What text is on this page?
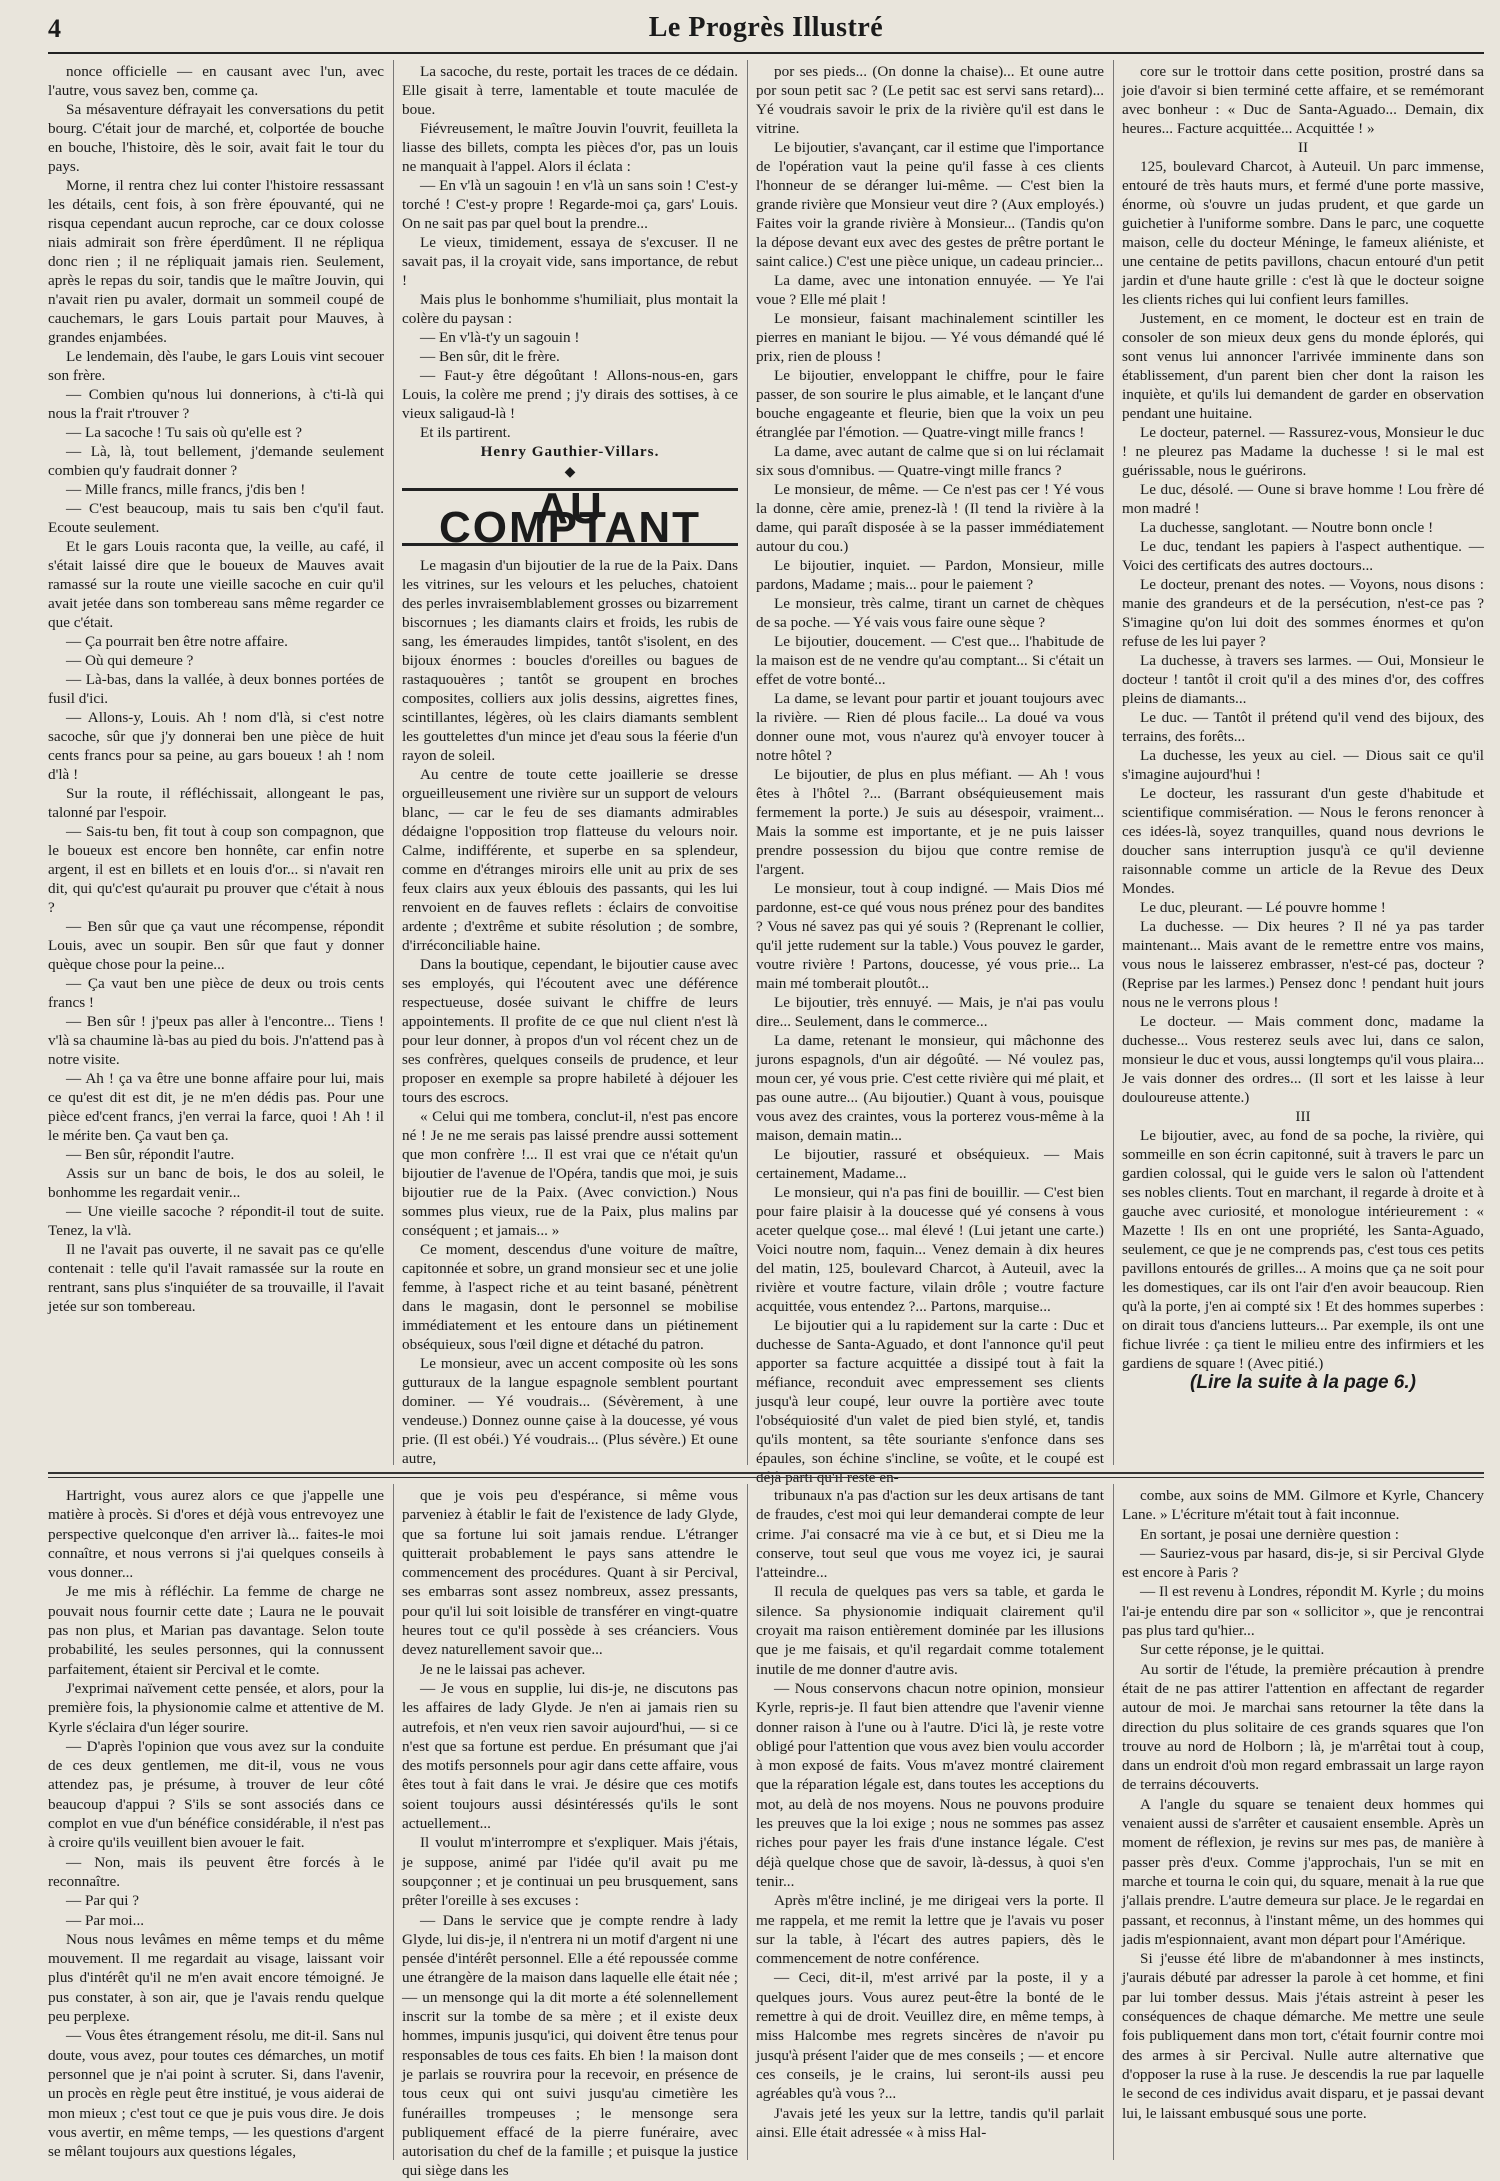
4	Le Progrès Illustré

nonce officielle — en causant avec l'un, avec l'autre, vous savez ben, comme ça.

Sa mésaventure défrayait les conversations du petit bourg. C'était jour de marché, et, colportée de bouche en bouche, l'histoire, dès le soir, avait fait le tour du pays.

Morne, il rentra chez lui conter l'histoire ressassant les détails, cent fois, à son frère épouvanté, qui ne risqua cependant aucun reproche, car ce doux colosse niais admirait son frère éperdûment. Il ne répliqua donc rien ; il ne répliquait jamais rien. Seulement, après le repas du soir, tandis que le maître Jouvin, qui n'avait rien pu avaler, dormait un sommeil coupé de cauchemars, le gars Louis partait pour Mauves, à grandes enjambées.

Le lendemain, dès l'aube, le gars Louis vint secouer son frère.

— Combien qu'nous lui donnerions, à c'ti-là qui nous la f'rait r'trouver ?

— La sacoche ! Tu sais où qu'elle est ?

— Là, là, tout bellement, j'demande seulement combien qu'y faudrait donner ?

— Mille francs, mille francs, j'dis ben !

— C'est beaucoup, mais tu sais ben c'qu'il faut. Ecoute seulement.

Et le gars Louis raconta que, la veille, au café, il s'était laissé dire que le boueux de Mauves avait ramassé sur la route une vieille sacoche en cuir qu'il avait jetée dans son tombereau sans même regarder ce que c'était.

— Ça pourrait ben être notre affaire.

— Où qui demeure ?

— Là-bas, dans la vallée, à deux bonnes portées de fusil d'ici.

— Allons-y, Louis. Ah ! nom d'là, si c'est notre sacoche, sûr que j'y donnerai ben une pièce de huit cents francs pour sa peine, au gars boueux ! ah ! nom d'là !

Sur la route, il réfléchissait, allongeant le pas, talonné par l'espoir.

— Sais-tu ben, fit tout à coup son compagnon, que le boueux est encore ben honnête, car enfin notre argent, il est en billets et en louis d'or... si n'avait ren dit, qui qu'c'est qu'aurait pu prouver que c'était à nous ?

— Ben sûr que ça vaut une récompense, répondit Louis, avec un soupir. Ben sûr que faut y donner quèque chose pour la peine...

— Ça vaut ben une pièce de deux ou trois cents francs !

— Ben sûr ! j'peux pas aller à l'encontre... Tiens ! v'là sa chaumine là-bas au pied du bois. J'n'attend pas à notre visite.

— Ah ! ça va être une bonne affaire pour lui, mais ce qu'est dit est dit, je ne m'en dédis pas. Pour une pièce ed'cent francs, j'en verrai la farce, quoi ! Ah ! il le mérite ben. Ça vaut ben ça.

— Ben sûr, répondit l'autre.

Assis sur un banc de bois, le dos au soleil, le bonhomme les regardait venir...

— Une vieille sacoche ? répondit-il tout de suite. Tenez, la v'là.

Il ne l'avait pas ouverte, il ne savait pas ce qu'elle contenait : telle qu'il l'avait ramassée sur la route en rentrant, sans plus s'inquiéter de sa trouvaille, il l'avait jetée sur son tombereau.

La sacoche, du reste, portait les traces de ce dédain. Elle gisait à terre, lamentable et toute maculée de boue.

Fiévreusement, le maître Jouvin l'ouvrit, feuilleta la liasse des billets, compta les pièces d'or, pas un louis ne manquait à l'appel. Alors il éclata :

— En v'là un sagouin ! en v'là un sans soin ! C'est-y torché ! C'est-y propre ! Regarde-moi ça, gars' Louis. On ne sait pas par quel bout la prendre...

Le vieux, timidement, essaya de s'excuser. Il ne savait pas, il la croyait vide, sans importance, de rebut !

Mais plus le bonhomme s'humiliait, plus montait la colère du paysan :

— En v'là-t'y un sagouin !

— Ben sûr, dit le frère.

— Faut-y être dégoûtant ! Allons-nous-en, gars Louis, la colère me prend ; j'y dirais des sottises, à ce vieux saligaud-là !

Et ils partirent.

Henry Gauthier-Villars.

◆
AU COMPTANT

Le magasin d'un bijoutier de la rue de la Paix. Dans les vitrines, sur les velours et les peluches, chatoient des perles invraisemblablement grosses ou bizarrement biscornues ; les diamants clairs et froids, les rubis de sang, les émeraudes limpides, tantôt s'isolent, en des bijoux énormes : boucles d'oreilles ou bagues de rastaquouères ; tantôt se groupent en broches composites, colliers aux jolis dessins, aigrettes fines, scintillantes, légères, où les clairs diamants semblent les gouttelettes d'un mince jet d'eau sous la féerie d'un rayon de soleil.

Au centre de toute cette joaillerie se dresse orgueilleusement une rivière sur un support de velours blanc, — car le feu de ses diamants admirables dédaigne l'opposition trop flatteuse du velours noir. Calme, indifférente, et superbe en sa splendeur, comme en d'étranges miroirs elle unit au prix de ses feux clairs aux yeux éblouis des passants, qui les lui renvoient en de fauves reflets : éclairs de convoitise ardente ; d'extrême et subite résolution ; de sombre, d'irréconciliable haine.

Dans la boutique, cependant, le bijoutier cause avec ses employés, qui l'écoutent avec une déférence respectueuse, dosée suivant le chiffre de leurs appointements. Il profite de ce que nul client n'est là pour leur donner, à propos d'un vol récent chez un de ses confrères, quelques conseils de prudence, et leur proposer en exemple sa propre habileté à déjouer les tours des escrocs.

« Celui qui me tombera, conclut-il, n'est pas encore né ! Je ne me serais pas laissé prendre aussi sottement que mon confrère !... Il est vrai que ce n'était qu'un bijoutier de l'avenue de l'Opéra, tandis que moi, je suis bijoutier rue de la Paix. (Avec conviction.) Nous sommes plus vieux, rue de la Paix, plus malins par conséquent ; et jamais... »

Ce moment, descendus d'une voiture de maître, capitonnée et sobre, un grand monsieur sec et une jolie femme, à l'aspect riche et au teint basané, pénètrent dans le magasin, dont le personnel se mobilise immédiatement et les entoure dans un piétinement obséquieux, sous l'œil digne et détaché du patron.

Le monsieur, avec un accent composite où les sons gutturaux de la langue espagnole semblent pourtant dominer. — Yé voudrais... (Sévèrement, à une vendeuse.) Donnez ounne çaise à la doucesse, yé vous prie. (Il est obéi.) Yé voudrais... (Plus sévère.) Et oune autre,

por ses pieds... (On donne la chaise)... Et oune autre por soun petit sac ? (Le petit sac est servi sans retard)... Yé voudrais savoir le prix de la rivière qu'il est dans le vitrine.

Le bijoutier, s'avançant, car il estime que l'importance de l'opération vaut la peine qu'il fasse à ces clients l'honneur de se déranger lui-même. — C'est bien la grande rivière que Monsieur veut dire ? (Aux employés.) Faites voir la grande rivière à Monsieur... (Tandis qu'on la dépose devant eux avec des gestes de prêtre portant le saint calice.) C'est une pièce unique, un cadeau princier...

La dame, avec une intonation ennuyée. — Ye l'ai voue ? Elle mé plait !

Le monsieur, faisant machinalement scintiller les pierres en maniant le bijou. — Yé vous démandé qué lé prix, rien de plouss !

Le bijoutier, enveloppant le chiffre, pour le faire passer, de son sourire le plus aimable, et le lançant d'une bouche engageante et fleurie, bien que la voix un peu étranglée par l'émotion. — Quatre-vingt mille francs !

La dame, avec autant de calme que si on lui réclamait six sous d'omnibus. — Quatre-vingt mille francs ?

Le monsieur, de même. — Ce n'est pas cer ! Yé vous la donne, cère amie, prenez-là ! (Il tend la rivière à la dame, qui paraît disposée à se la passer immédiatement autour du cou.)

Le bijoutier, inquiet. — Pardon, Monsieur, mille pardons, Madame ; mais... pour le paiement ?

Le monsieur, très calme, tirant un carnet de chèques de sa poche. — Yé vais vous faire oune sèque ?

Le bijoutier, doucement. — C'est que... l'habitude de la maison est de ne vendre qu'au comptant... Si c'était un effet de votre bonté...

La dame, se levant pour partir et jouant toujours avec la rivière. — Rien dé plous facile... La doué va vous donner oune mot, vous n'aurez qu'à envoyer toucer à notre hôtel ?

Le bijoutier, de plus en plus méfiant. — Ah ! vous êtes à l'hôtel ?... (Barrant obséquieusement mais fermement la porte.) Je suis au désespoir, vraiment... Mais la somme est importante, et je ne puis laisser prendre possession du bijou que contre remise de l'argent.

Le monsieur, tout à coup indigné. — Mais Dios mé pardonne, est-ce qué vous nous prénez pour des bandites ? Vous né savez pas qui yé souis ? (Reprenant le collier, qu'il jette rudement sur la table.) Vous pouvez le garder, voutre rivière ! Partons, doucesse, yé vous prie... La main mé tomberait ploutôt...

Le bijoutier, très ennuyé. — Mais, je n'ai pas voulu dire... Seulement, dans le commerce...

La dame, retenant le monsieur, qui mâchonne des jurons espagnols, d'un air dégoûté. — Né voulez pas, moun cer, yé vous prie. C'est cette rivière qui mé plait, et pas oune autre... (Au bijoutier.) Quant à vous, pouisque vous avez des craintes, vous la porterez vous-même à la maison, demain matin...

Le bijoutier, rassuré et obséquieux. — Mais certainement, Madame...

Le monsieur, qui n'a pas fini de bouillir. — C'est bien pour faire plaisir à la doucesse qué yé consens à vous aceter quelque çose... mal élevé ! (Lui jetant une carte.) Voici noutre nom, faquin... Venez demain à dix heures del matin, 125, boulevard Charcot, à Auteuil, avec la rivière et voutre facture, vilain drôle ; voutre facture acquittée, vous entendez ?... Partons, marquise...

Le bijoutier qui a lu rapidement sur la carte : Duc et duchesse de Santa-Aguado, et dont l'annonce qu'il peut apporter sa facture acquittée a dissipé tout à fait la méfiance, reconduit avec empressement ses clients jusqu'à leur coupé, leur ouvre la portière avec toute l'obséquiosité d'un valet de pied bien stylé, et, tandis qu'ils montent, sa tête souriante s'enfonce dans ses épaules, son échine s'incline, se voûte, et le coupé est déjà parti qu'il reste en-

core sur le trottoir dans cette position, prostré dans sa joie d'avoir si bien terminé cette affaire, et se remémorant avec bonheur : « Duc de Santa-Aguado... Demain, dix heures... Facture acquittée... Acquittée ! »

II

125, boulevard Charcot, à Auteuil. Un parc immense, entouré de très hauts murs, et fermé d'une porte massive, énorme, où s'ouvre un judas prudent, et que garde un guichetier à l'uniforme sombre. Dans le parc, une coquette maison, celle du docteur Méninge, le fameux aliéniste, et une centaine de petits pavillons, chacun entouré d'un petit jardin et d'une haute grille : c'est là que le docteur soigne les clients riches qui lui confient leurs familles.

Justement, en ce moment, le docteur est en train de consoler de son mieux deux gens du monde éplorés, qui sont venus lui annoncer l'arrivée imminente dans son établissement, d'un parent bien cher dont la raison les inquiète, et qu'ils lui demandent de garder en observation pendant une huitaine.

Le docteur, paternel. — Rassurez-vous, Monsieur le duc ! ne pleurez pas Madame la duchesse ! si le mal est guérissable, nous le guérirons.

Le duc, désolé. — Oune si brave homme ! Lou frère dé mon madré !

La duchesse, sanglotant. — Noutre bonn oncle !

Le duc, tendant les papiers à l'aspect authentique. — Voici des certificats des autres doctours...

Le docteur, prenant des notes. — Voyons, nous disons : manie des grandeurs et de la persécution, n'est-ce pas ? S'imagine qu'on lui doit des sommes énormes et qu'on refuse de les lui payer ?

La duchesse, à travers ses larmes. — Oui, Monsieur le docteur ! tantôt il croit qu'il a des mines d'or, des coffres pleins de diamants...

Le duc. — Tantôt il prétend qu'il vend des bijoux, des terrains, des forêts...

La duchesse, les yeux au ciel. — Dious sait ce qu'il s'imagine aujourd'hui !

Le docteur, les rassurant d'un geste d'habitude et scientifique commisération. — Nous le ferons renoncer à ces idées-là, soyez tranquilles, quand nous devrions le doucher sans interruption jusqu'à ce qu'il devienne raisonnable comme un article de la Revue des Deux Mondes.

Le duc, pleurant. — Lé pouvre homme !

La duchesse. — Dix heures ? Il né ya pas tarder maintenant... Mais avant de le remettre entre vos mains, vous nous le laisserez embrasser, n'est-cé pas, docteur ? (Reprise par les larmes.) Pensez donc ! pendant huit jours nous ne le verrons plous !

Le docteur. — Mais comment donc, madame la duchesse... Vous resterez seuls avec lui, dans ce salon, monsieur le duc et vous, aussi longtemps qu'il vous plaira... Je vais donner des ordres... (Il sort et les laisse à leur douloureuse attente.)

III

Le bijoutier, avec, au fond de sa poche, la rivière, qui sommeille en son écrin capitonné, suit à travers le parc un gardien colossal, qui le guide vers le salon où l'attendent ses nobles clients. Tout en marchant, il regarde à droite et à gauche avec curiosité, et monologue intérieurement : « Mazette ! Ils en ont une propriété, les Santa-Aguado, seulement, ce que je ne comprends pas, c'est tous ces petits pavillons entourés de grilles... A moins que ça ne soit pour les domestiques, car ils ont l'air d'en avoir beaucoup. Rien qu'à la porte, j'en ai compté six ! Et des hommes superbes : on dirait tous d'anciens lutteurs... Par exemple, ils ont une fichue livrée : ça tient le milieu entre des infirmiers et les gardiens de square ! (Avec pitié.)

(Lire la suite à la page 6.)

Hartright, vous aurez alors ce que j'appelle une matière à procès. Si d'ores et déjà vous entrevoyez une perspective quelconque d'en arriver là... faites-le moi connaître, et nous verrons si j'ai quelques conseils à vous donner...

Je me mis à réfléchir. La femme de charge ne pouvait nous fournir cette date ; Laura ne le pouvait pas non plus, et Marian pas davantage. Selon toute probabilité, les seules personnes, qui la connussent parfaitement, étaient sir Percival et le comte.

J'exprimai naïvement cette pensée, et alors, pour la première fois, la physionomie calme et attentive de M. Kyrle s'éclaira d'un léger sourire.

— D'après l'opinion que vous avez sur la conduite de ces deux gentlemen, me dit-il, vous ne vous attendez pas, je présume, à trouver de leur côté beaucoup d'appui ? S'ils se sont associés dans ce complot en vue d'un bénéfice considérable, il n'est pas à croire qu'ils veuillent bien avouer le fait.

— Non, mais ils peuvent être forcés à le reconnaître.

— Par qui ?

— Par moi...

Nous nous levâmes en même temps et du même mouvement. Il me regardait au visage, laissant voir plus d'intérêt qu'il ne m'en avait encore témoigné. Je pus constater, à son air, que je l'avais rendu quelque peu perplexe.

— Vous êtes étrangement résolu, me dit-il. Sans nul doute, vous avez, pour toutes ces démarches, un motif personnel que je n'ai point à scruter. Si, dans l'avenir, un procès en règle peut être institué, je vous aiderai de mon mieux ; c'est tout ce que je puis vous dire. Je dois vous avertir, en même temps, — les questions d'argent se mêlant toujours aux questions légales,

que je vois peu d'espérance, si même vous parveniez à établir le fait de l'existence de lady Glyde, que sa fortune lui soit jamais rendue. L'étranger quitterait probablement le pays sans attendre le commencement des procédures. Quant à sir Percival, ses embarras sont assez nombreux, assez pressants, pour qu'il lui soit loisible de transférer en vingt-quatre heures tout ce qu'il possède à ses créanciers. Vous devez naturellement savoir que...

Je ne le laissai pas achever.

— Je vous en supplie, lui dis-je, ne discutons pas les affaires de lady Glyde. Je n'en ai jamais rien su autrefois, et n'en veux rien savoir aujourd'hui, — si ce n'est que sa fortune est perdue. En présumant que j'ai des motifs personnels pour agir dans cette affaire, vous êtes tout à fait dans le vrai. Je désire que ces motifs soient toujours aussi désintéressés qu'ils le sont actuellement...

Il voulut m'interrompre et s'expliquer. Mais j'étais, je suppose, animé par l'idée qu'il avait pu me soupçonner ; et je continuai un peu brusquement, sans prêter l'oreille à ses excuses :

— Dans le service que je compte rendre à lady Glyde, lui dis-je, il n'entrera ni un motif d'argent ni une pensée d'intérêt personnel. Elle a été repoussée comme une étrangère de la maison dans laquelle elle était née ; — un mensonge qui la dit morte a été solennellement inscrit sur la tombe de sa mère ; et il existe deux hommes, impunis jusqu'ici, qui doivent être tenus pour responsables de tous ces faits. Eh bien ! la maison dont je parlais se rouvrira pour la recevoir, en présence de tous ceux qui ont suivi jusqu'au cimetière les funérailles trompeuses ; le mensonge sera publiquement effacé de la pierre funéraire, avec autorisation du chef de la famille ; et puisque la justice qui siège dans les

tribunaux n'a pas d'action sur les deux artisans de tant de fraudes, c'est moi qui leur demanderai compte de leur crime. J'ai consacré ma vie à ce but, et si Dieu me la conserve, tout seul que vous me voyez ici, je saurai l'atteindre...

Il recula de quelques pas vers sa table, et garda le silence. Sa physionomie indiquait clairement qu'il croyait ma raison entièrement dominée par les illusions que je me faisais, et qu'il regardait comme totalement inutile de me donner d'autre avis.

— Nous conservons chacun notre opinion, monsieur Kyrle, repris-je. Il faut bien attendre que l'avenir vienne donner raison à l'une ou à l'autre. D'ici là, je reste votre obligé pour l'attention que vous avez bien voulu accorder à mon exposé de faits. Vous m'avez montré clairement que la réparation légale est, dans toutes les acceptions du mot, au delà de nos moyens. Nous ne pouvons produire les preuves que la loi exige ; nous ne sommes pas assez riches pour payer les frais d'une instance légale. C'est déjà quelque chose que de savoir, là-dessus, à quoi s'en tenir...

Après m'être incliné, je me dirigeai vers la porte. Il me rappela, et me remit la lettre que je l'avais vu poser sur la table, à l'écart des autres papiers, dès le commencement de notre conférence.

— Ceci, dit-il, m'est arrivé par la poste, il y a quelques jours. Vous aurez peut-être la bonté de le remettre à qui de droit. Veuillez dire, en même temps, à miss Halcombe mes regrets sincères de n'avoir pu jusqu'à présent l'aider que de mes conseils ; — et encore ces conseils, je le crains, lui seront-ils aussi peu agréables qu'à vous ?...

J'avais jeté les yeux sur la lettre, tandis qu'il parlait ainsi. Elle était adressée « à miss Hal-

combe, aux soins de MM. Gilmore et Kyrle, Chancery Lane. » L'écriture m'était tout à fait inconnue.

En sortant, je posai une dernière question :

— Sauriez-vous par hasard, dis-je, si sir Percival Glyde est encore à Paris ?

— Il est revenu à Londres, répondit M. Kyrle ; du moins l'ai-je entendu dire par son « sollicitor », que je rencontrai pas plus tard qu'hier...

Sur cette réponse, je le quittai.

Au sortir de l'étude, la première précaution à prendre était de ne pas attirer l'attention en affectant de regarder autour de moi. Je marchai sans retourner la tête dans la direction du plus solitaire de ces grands squares que l'on trouve au nord de Holborn ; là, je m'arrêtai tout à coup, dans un endroit d'où mon regard embrassait un large rayon de terrains découverts.

A l'angle du square se tenaient deux hommes qui venaient aussi de s'arrêter et causaient ensemble. Après un moment de réflexion, je revins sur mes pas, de manière à passer près d'eux. Comme j'approchais, l'un se mit en marche et tourna le coin qui, du square, menait à la rue que j'allais prendre. L'autre demeura sur place. Je le regardai en passant, et reconnus, à l'instant même, un des hommes qui jadis m'espionnaient, avant mon départ pour l'Amérique.

Si j'eusse été libre de m'abandonner à mes instincts, j'aurais débuté par adresser la parole à cet homme, et fini par lui tomber dessus. Mais j'étais astreint à peser les conséquences de chaque démarche. Me mettre une seule fois publiquement dans mon tort, c'était fournir contre moi des armes à sir Percival. Nulle autre alternative que d'opposer la ruse à la ruse. Je descendis la rue par laquelle le second de ces individus avait disparu, et je passai devant lui, le laissant embusqué sous une porte.
